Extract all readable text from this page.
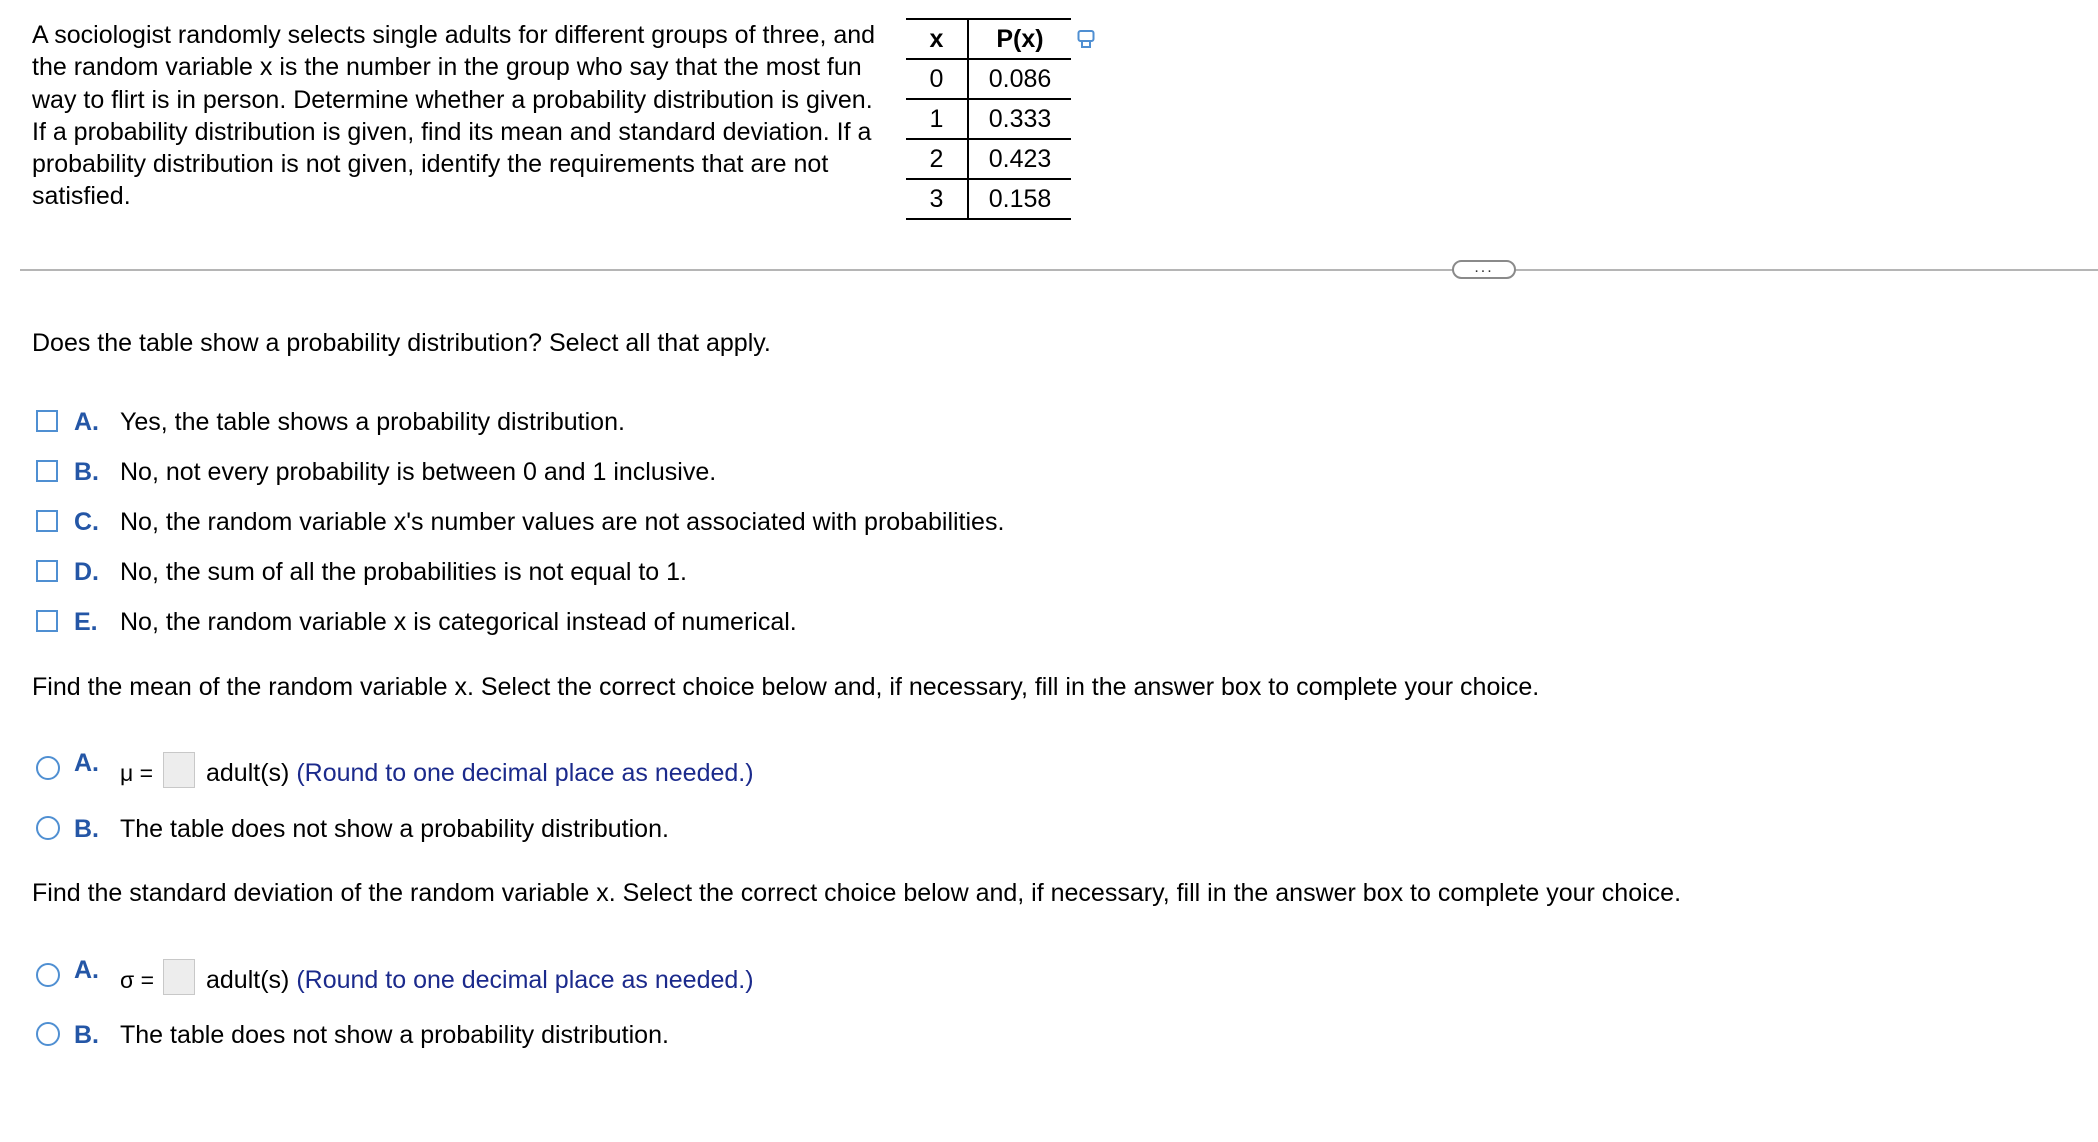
A sociologist randomly selects single adults for different groups of three, and the random variable x is the number in the group who say that the most fun way to flirt is in person. Determine whether a probability distribution is given. If a probability distribution is given, find its mean and standard deviation. If a probability distribution is not given, identify the requirements that are not satisfied.
x	P(x)
0	0.086
1	0.333
2	0.423
3	0.158
...
Does the table show a probability distribution? Select all that apply.
A. Yes, the table shows a probability distribution.
B. No, not every probability is between 0 and 1 inclusive.
C. No, the random variable x's number values are not associated with probabilities.
D. No, the sum of all the probabilities is not equal to 1.
E. No, the random variable x is categorical instead of numerical.
Find the mean of the random variable x. Select the correct choice below and, if necessary, fill in the answer box to complete your choice.
A. μ = adult(s) (Round to one decimal place as needed.)
B. The table does not show a probability distribution.
Find the standard deviation of the random variable x. Select the correct choice below and, if necessary, fill in the answer box to complete your choice.
A. σ = adult(s) (Round to one decimal place as needed.)
B. The table does not show a probability distribution.
